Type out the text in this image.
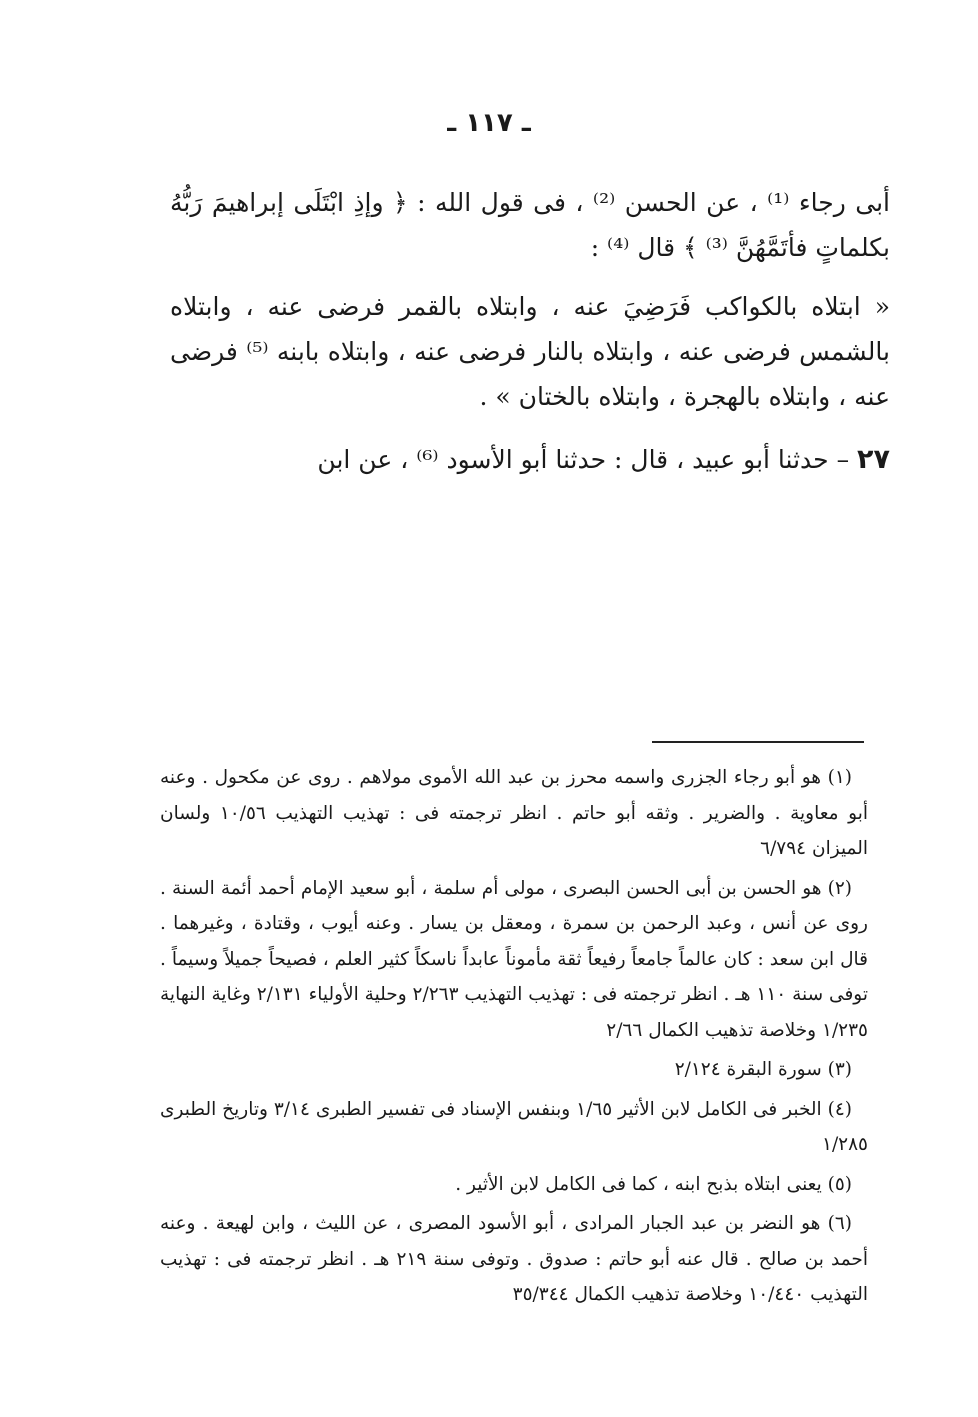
ـ ١١٧ ـ

أبى رجاء ⁽¹⁾ ، عن الحسن ⁽²⁾ ، فى قول الله : ﴿ وإذِ ابْتَلَى إبراهيمَ رَبُّهُ بكلماتٍ فأتَمَّهُنَّ ⁽³⁾ ﴾ قال ⁽⁴⁾ :

« ابتلاه بالكواكب فَرَضِيَ عنه ، وابتلاه بالقمر فرضى عنه ، وابتلاه بالشمس فرضى عنه ، وابتلاه بالنار فرضى عنه ، وابتلاه بابنه ⁽⁵⁾ فرضى عنه ، وابتلاه بالهجرة ، وابتلاه بالختان » .

٢٧ – حدثنا أبو عبيد ، قال : حدثنا أبو الأسود ⁽⁶⁾ ، عن ابن

(١) هو أبو رجاء الجزرى واسمه محرز بن عبد الله الأموى مولاهم . روى عن مكحول . وعنه أبو معاوية . والضرير . وثقه أبو حاتم . انظر ترجمته فى : تهذيب التهذيب ١٠/٥٦ ولسان الميزان ٦/٧٩٤

(٢) هو الحسن بن أبى الحسن البصرى ، مولى أم سلمة ، أبو سعيد الإمام أحمد أئمة السنة . روى عن أنس ، وعبد الرحمن بن سمرة ، ومعقل بن يسار . وعنه أيوب ، وقتادة ، وغيرهما . قال ابن سعد : كان عالماً جامعاً رفيعاً ثقة مأموناً عابداً ناسكاً كثير العلم ، فصيحاً جميلاً وسيماً . توفى سنة ١١٠ هـ . انظر ترجمته فى : تهذيب التهذيب ٢/٢٦٣ وحلية الأولياء ٢/١٣١ وغاية النهاية ١/٢٣٥ وخلاصة تذهيب الكمال ٢/٦٦

(٣) سورة البقرة ٢/١٢٤

(٤) الخبر فى الكامل لابن الأثير ١/٦٥ وبنفس الإسناد فى تفسير الطبرى ٣/١٤ وتاريخ الطبرى ١/٢٨٥

(٥) يعنى ابتلاه بذبح ابنه ، كما فى الكامل لابن الأثير .

(٦) هو النضر بن عبد الجبار المرادى ، أبو الأسود المصرى ، عن الليث ، وابن لهيعة . وعنه أحمد بن صالح . قال عنه أبو حاتم : صدوق . وتوفى سنة ٢١٩ هـ . انظر ترجمته فى : تهذيب التهذيب ١٠/٤٤٠ وخلاصة تذهيب الكمال ٣٥/٣٤٤
